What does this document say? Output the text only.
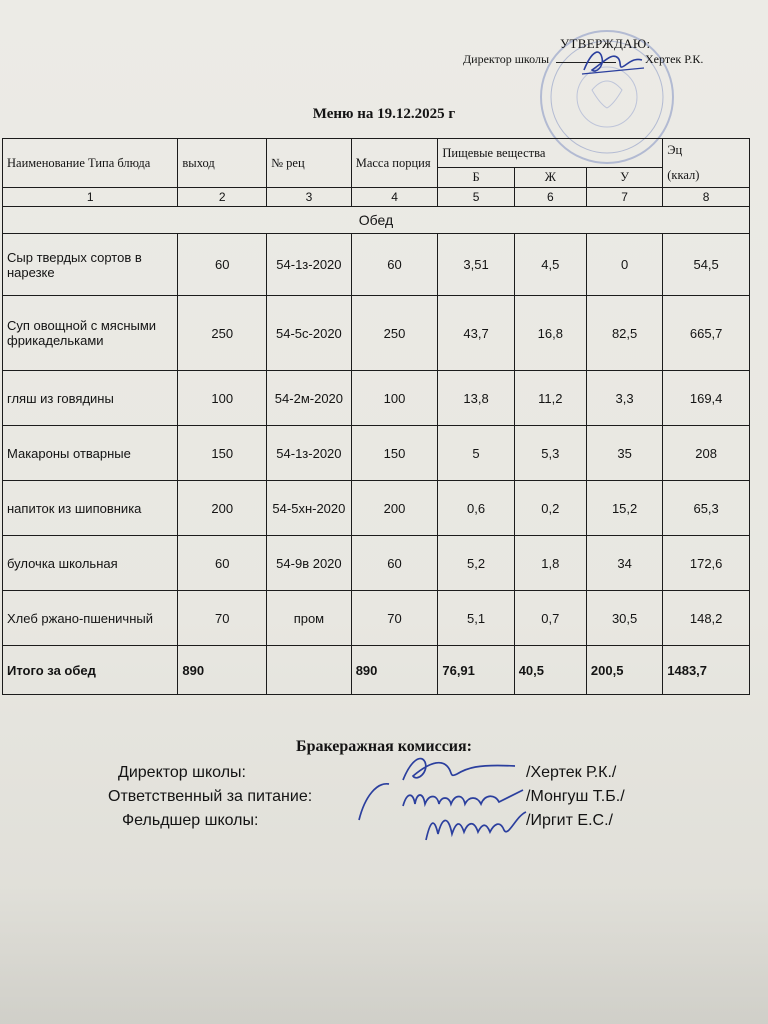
УТВЕРЖДАЮ:
Директор школы	Хертек Р.К.
Меню на 19.12.2025 г
Наименование Типа блюда	выход	№ рец	Масса порция	Пищевые вещества			Эц
(ккал)

				Б	Ж	У	
1	2	3	4	5	6	7	8
Обед							
Сыр твердых сортов в нарезке	60	54-1з-2020	60	3,51	4,5	0	54,5
Суп овощной с мясными фрикадельками	250	54-5с-2020	250	43,7	16,8	82,5	665,7
гляш из говядины	100	54-2м-2020	100	13,8	11,2	3,3	169,4
Макароны отварные	150	54-1з-2020	150	5	5,3	35	208
напиток из шиповника	200	54-5хн-2020	200	0,6	0,2	15,2	65,3
булочка школьная	60	54-9в 2020	60	5,2	1,8	34	172,6
Хлеб ржано-пшеничный	70	пром	70	5,1	0,7	30,5	148,2
Итого за обед	890		890	76,91	40,5	200,5	1483,7
Бракеражная комиссия:
Директор школы:	/Хертек Р.К./
Ответственный за питание:	/Монгуш Т.Б./
Фельдшер школы:	/Иргит Е.С./
